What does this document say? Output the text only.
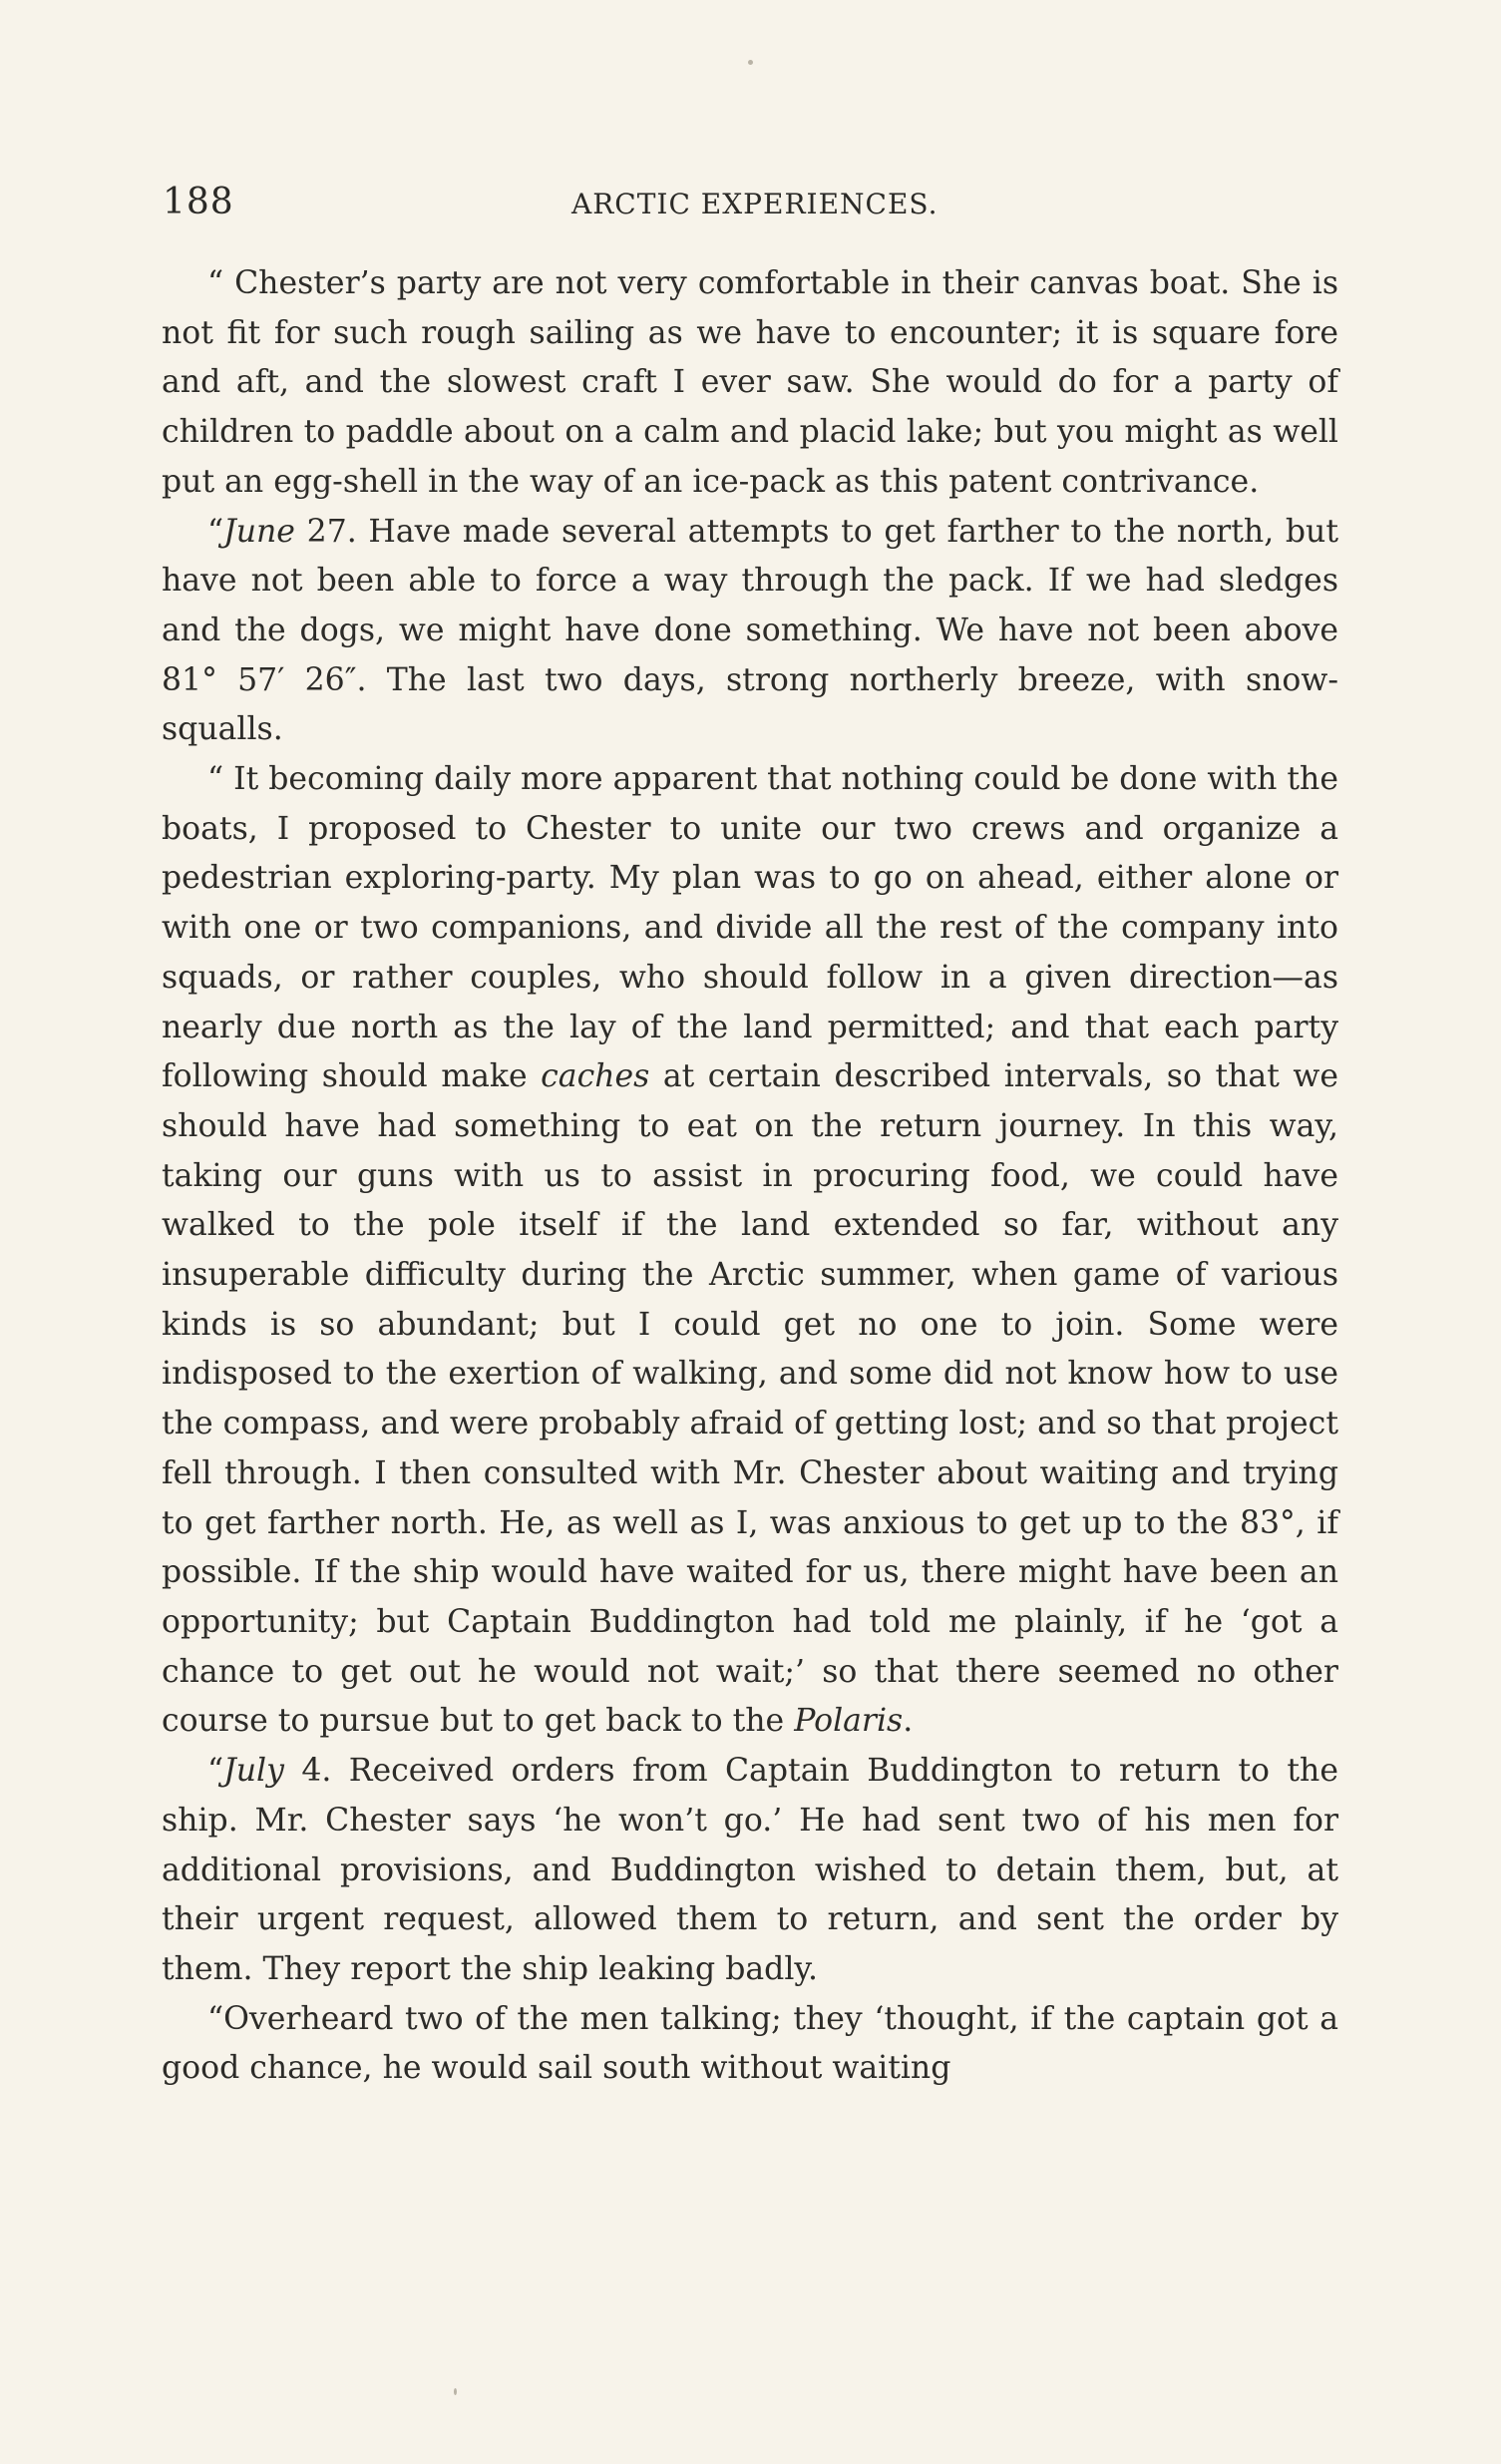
188	ARCTIC EXPERIENCES.

“ Chester’s party are not very comfortable in their canvas boat. She is not fit for such rough sailing as we have to encounter; it is square fore and aft, and the slowest craft I ever saw. She would do for a party of children to paddle about on a calm and placid lake; but you might as well put an egg-shell in the way of an ice-pack as this patent contrivance.

“June 27. Have made several attempts to get farther to the north, but have not been able to force a way through the pack. If we had sledges and the dogs, we might have done something. We have not been above 81° 57′ 26″. The last two days, strong northerly breeze, with snow-squalls.

“ It becoming daily more apparent that nothing could be done with the boats, I proposed to Chester to unite our two crews and organize a pedestrian exploring-party. My plan was to go on ahead, either alone or with one or two companions, and divide all the rest of the company into squads, or rather couples, who should follow in a given direction—as nearly due north as the lay of the land permitted; and that each party following should make caches at certain described intervals, so that we should have had something to eat on the return journey. In this way, taking our guns with us to assist in procuring food, we could have walked to the pole itself if the land extended so far, without any insuperable difficulty during the Arctic summer, when game of various kinds is so abundant; but I could get no one to join. Some were indisposed to the exertion of walking, and some did not know how to use the compass, and were probably afraid of getting lost; and so that project fell through. I then consulted with Mr. Chester about waiting and trying to get farther north. He, as well as I, was anxious to get up to the 83°, if possible. If the ship would have waited for us, there might have been an opportunity; but Captain Buddington had told me plainly, if he ‘got a chance to get out he would not wait;’ so that there seemed no other course to pursue but to get back to the Polaris.

“July 4. Received orders from Captain Buddington to return to the ship. Mr. Chester says ‘he won’t go.’ He had sent two of his men for additional provisions, and Buddington wished to detain them, but, at their urgent request, allowed them to return, and sent the order by them. They report the ship leaking badly.

“Overheard two of the men talking; they ‘thought, if the captain got a good chance, he would sail south without waiting
